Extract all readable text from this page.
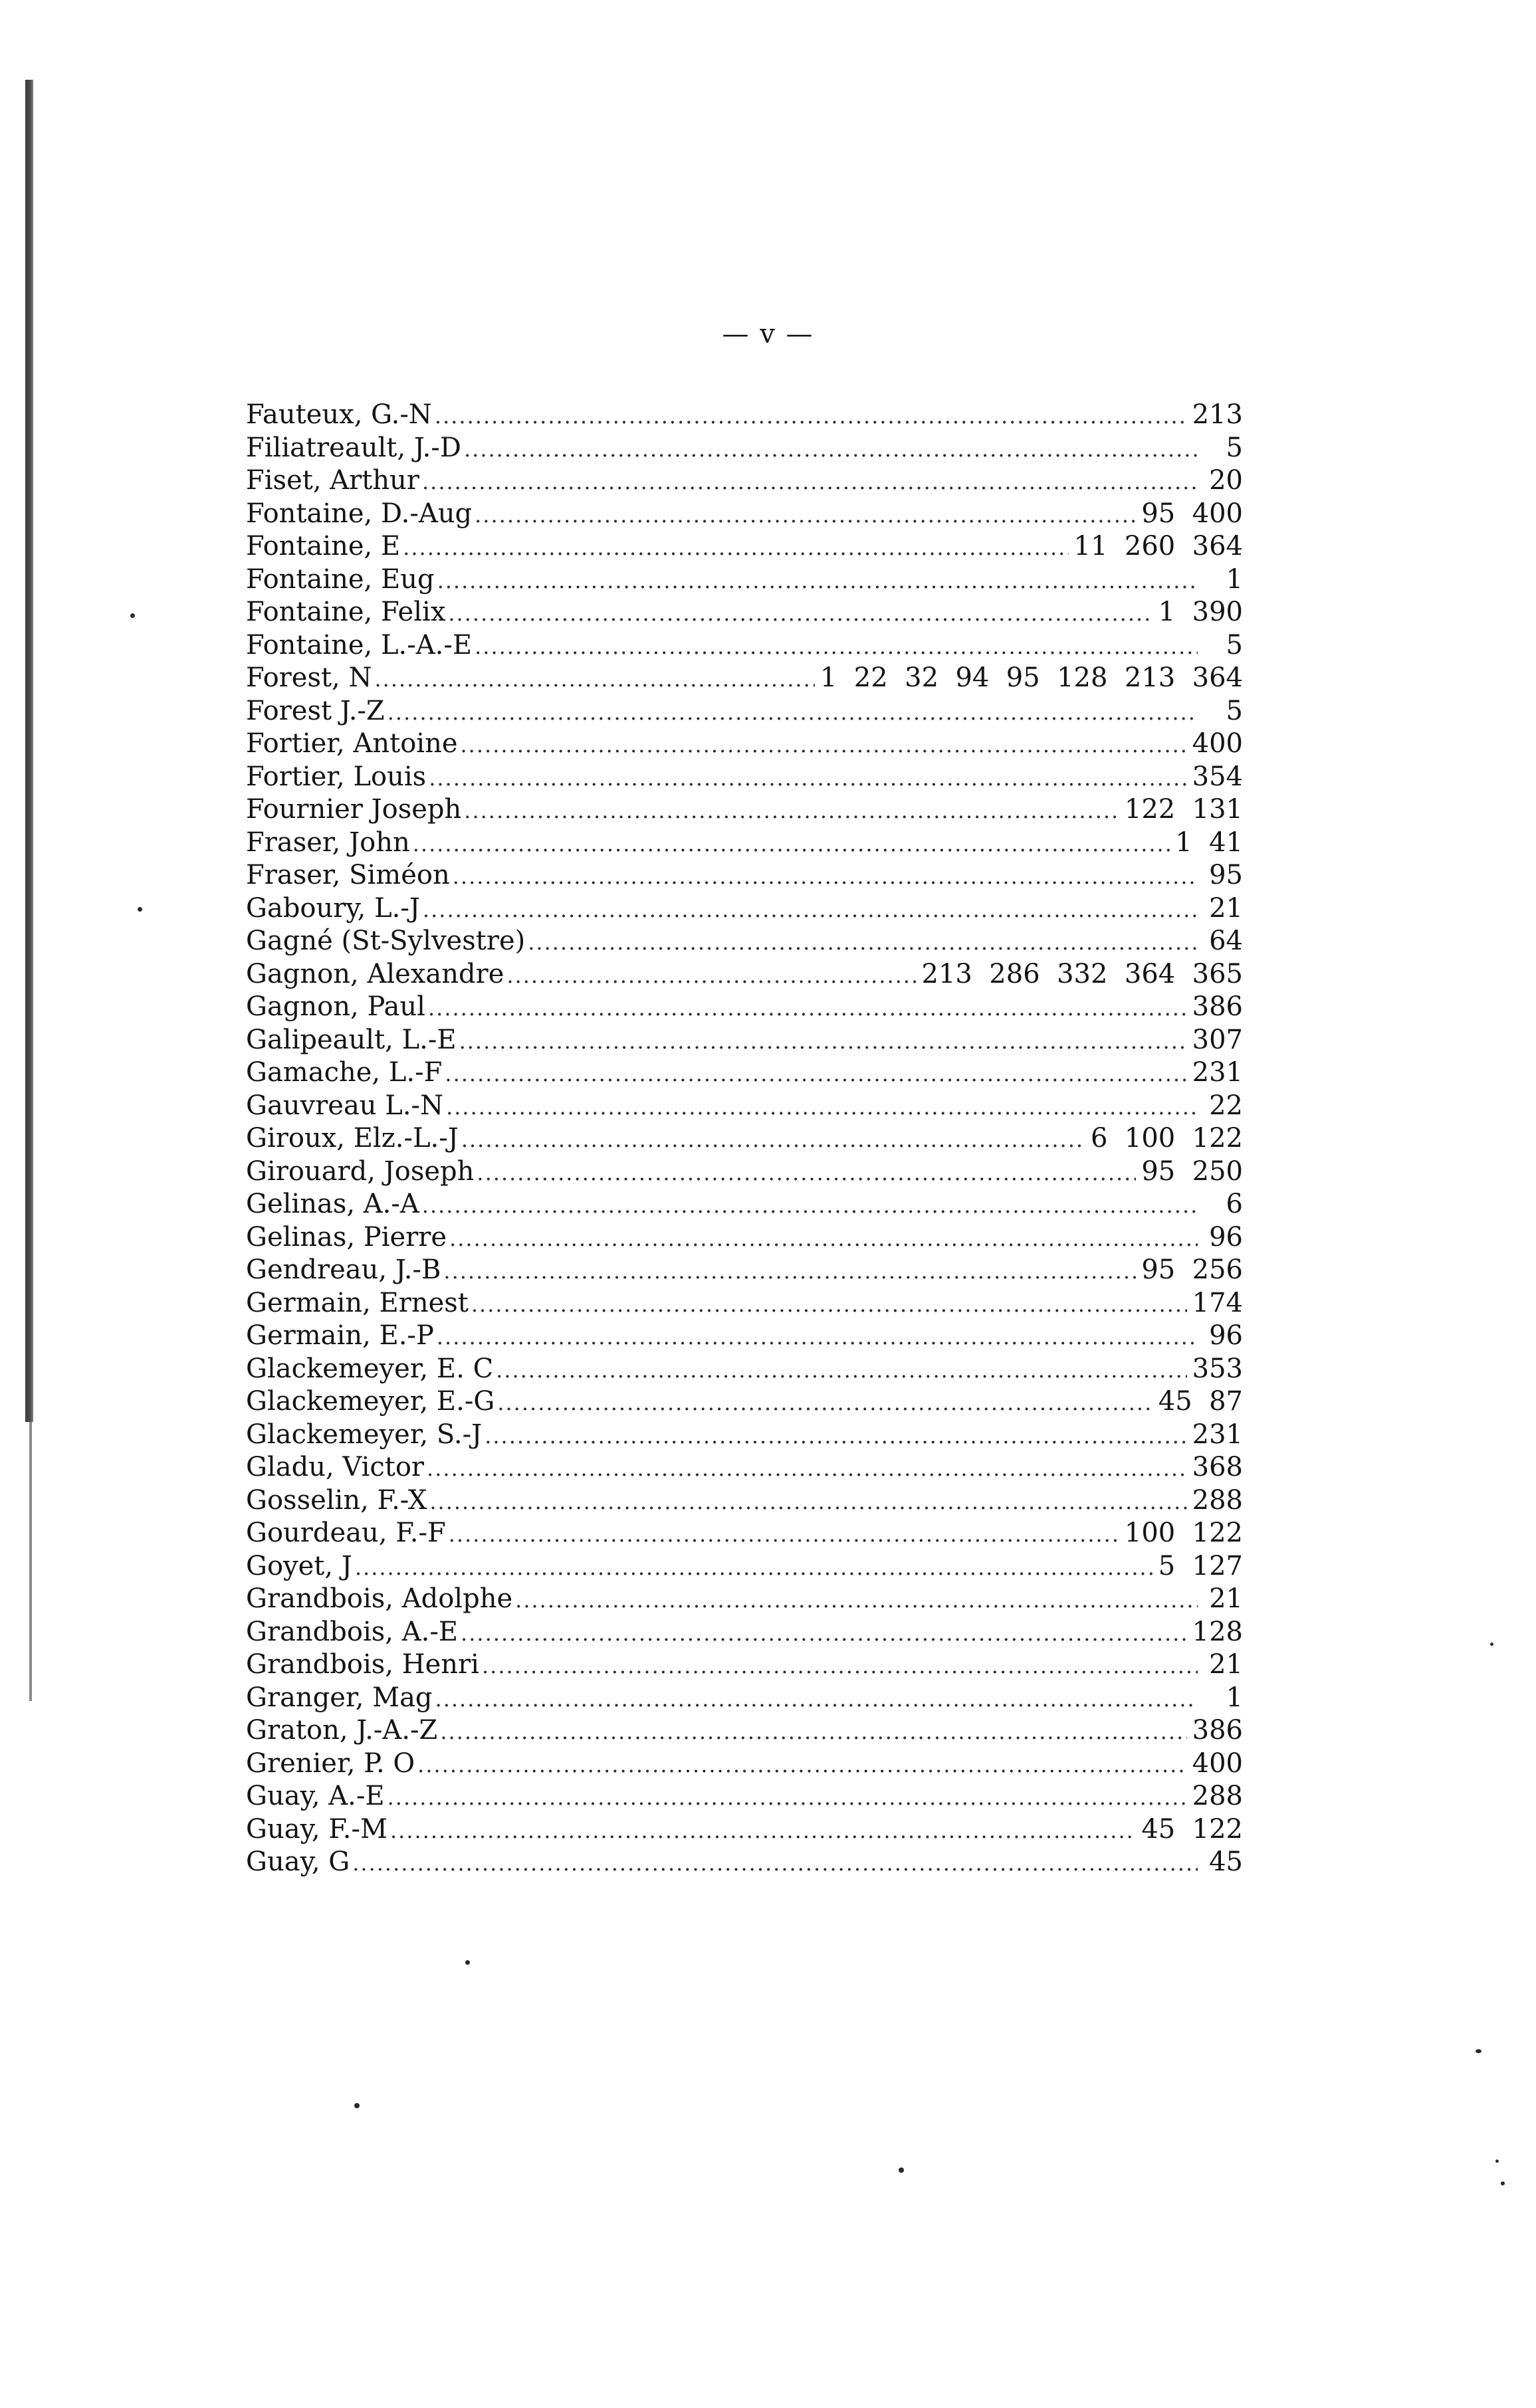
— v —
Fauteux, G.-N .....	213
Filiatreault, J.-D .....	5
Fiset, Arthur .....	20
Fontaine, D.-Aug .....	95  400
Fontaine, E .....	11  260  364
Fontaine, Eug .....	1
Fontaine, Felix .....	1  390
Fontaine, L.-A.-E .....	5
Forest, N .....	1  22  32  94  95  128  213  364
Forest J.-Z .....	5
Fortier, Antoine .....	400
Fortier, Louis .....	354
Fournier Joseph .....	122  131
Fraser, John .....	1  41
Fraser, Siméon .....	95
Gaboury, L.-J .....	21
Gagné (St-Sylvestre) .....	64
Gagnon, Alexandre .....	213  286  332  364  365
Gagnon, Paul .....	386
Galipeault, L.-E .....	307
Gamache, L.-F .....	231
Gauvreau L.-N .....	22
Giroux, Elz.-L.-J .....	6  100  122
Girouard, Joseph .....	95  250
Gelinas, A.-A .....	6
Gelinas, Pierre .....	96
Gendreau, J.-B .....	95  256
Germain, Ernest .....	174
Germain, E.-P .....	96
Glackemeyer, E. C .....	353
Glackemeyer, E.-G .....	45  87
Glackemeyer, S.-J .....	231
Gladu, Victor .....	368
Gosselin, F.-X .....	288
Gourdeau, F.-F .....	100  122
Goyet, J .....	5  127
Grandbois, Adolphe .....	21
Grandbois, A.-E .....	128
Grandbois, Henri .....	21
Granger, Mag .....	1
Graton, J.-A.-Z .....	386
Grenier, P. O .....	400
Guay, A.-E .....	288
Guay, F.-M .....	45  122
Guay, G .....	45
